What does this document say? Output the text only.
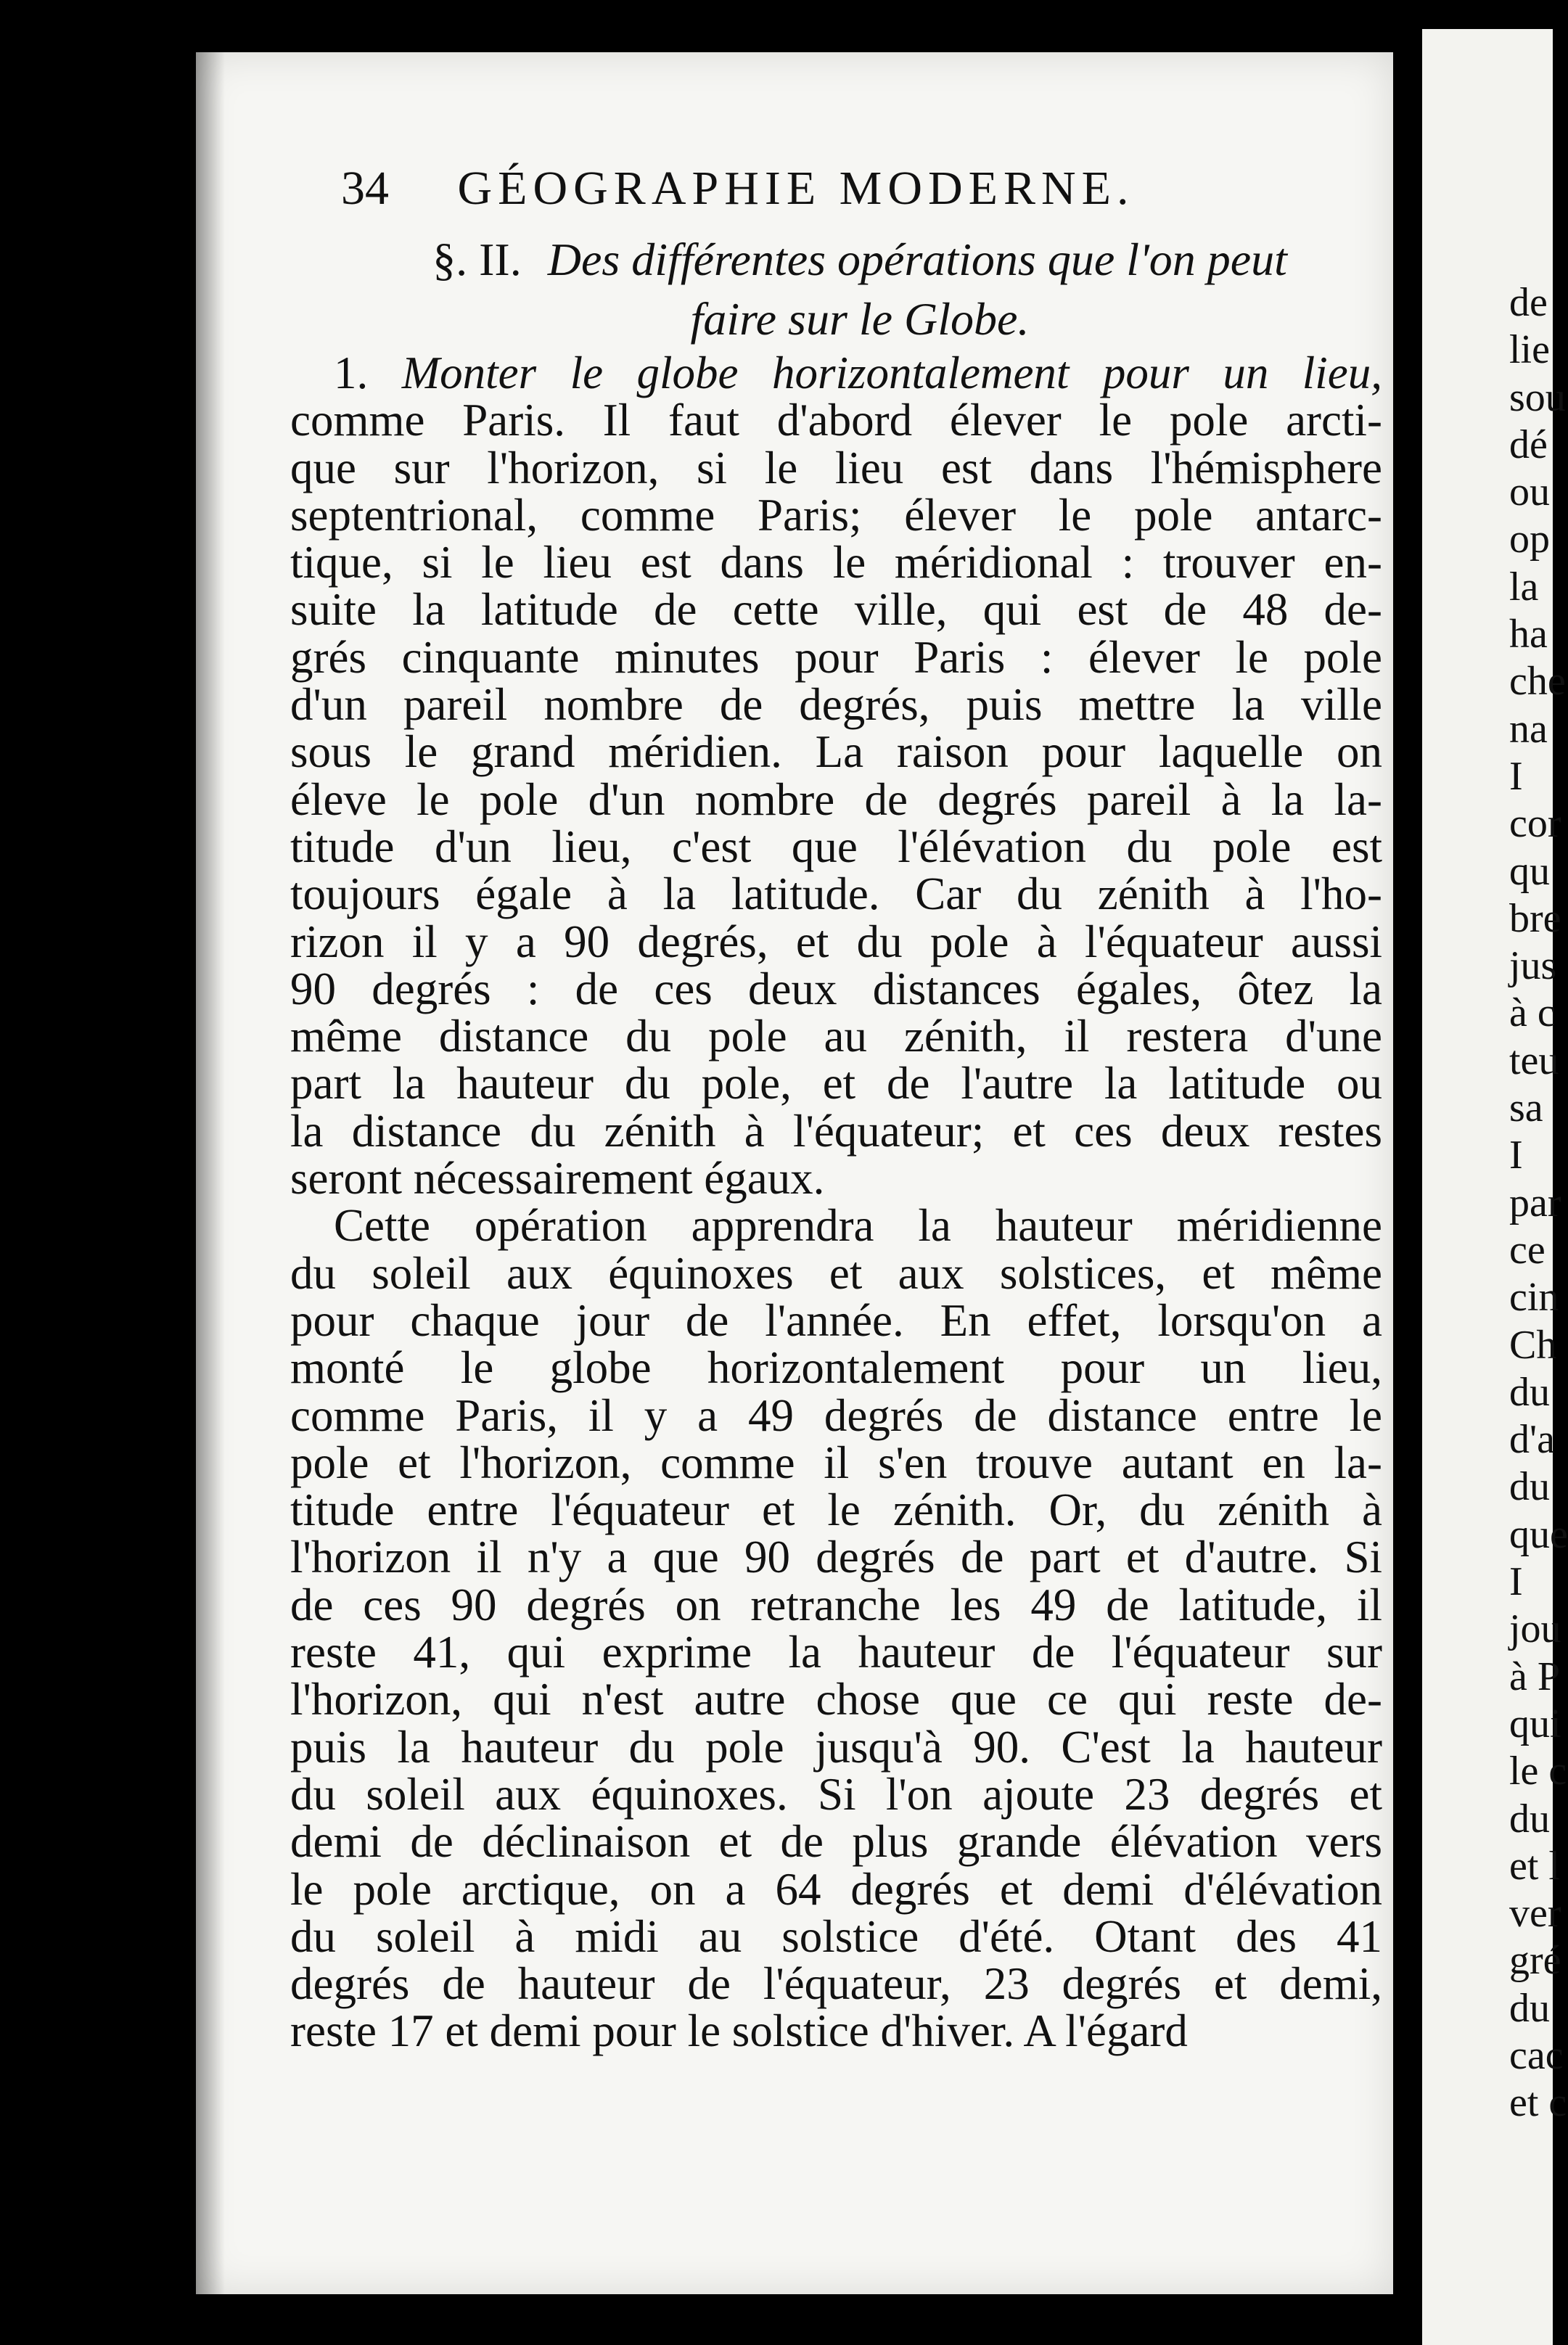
34 GÉOGRAPHIE MODERNE.
§. II. Des différentes opérations que l'on peut
faire sur le Globe.
1. Monter le globe horizontalement pour un lieu,
comme Paris. Il faut d'abord élever le pole arcti-
que sur l'horizon, si le lieu est dans l'hémisphere
septentrional, comme Paris; élever le pole antarc-
tique, si le lieu est dans le méridional : trouver en-
suite la latitude de cette ville, qui est de 48 de-
grés cinquante minutes pour Paris : élever le pole
d'un pareil nombre de degrés, puis mettre la ville
sous le grand méridien. La raison pour laquelle on
éleve le pole d'un nombre de degrés pareil à la la-
titude d'un lieu, c'est que l'élévation du pole est
toujours égale à la latitude. Car du zénith à l'ho-
rizon il y a 90 degrés, et du pole à l'équateur aussi
90 degrés : de ces deux distances égales, ôtez la
même distance du pole au zénith, il restera d'une
part la hauteur du pole, et de l'autre la latitude ou
la distance du zénith à l'équateur; et ces deux restes
seront nécessairement égaux.
Cette opération apprendra la hauteur méridienne
du soleil aux équinoxes et aux solstices, et même
pour chaque jour de l'année. En effet, lorsqu'on a
monté le globe horizontalement pour un lieu,
comme Paris, il y a 49 degrés de distance entre le
pole et l'horizon, comme il s'en trouve autant en la-
titude entre l'équateur et le zénith. Or, du zénith à
l'horizon il n'y a que 90 degrés de part et d'autre. Si
de ces 90 degrés on retranche les 49 de latitude, il
reste 41, qui exprime la hauteur de l'équateur sur
l'horizon, qui n'est autre chose que ce qui reste de-
puis la hauteur du pole jusqu'à 90. C'est la hauteur
du soleil aux équinoxes. Si l'on ajoute 23 degrés et
demi de déclinaison et de plus grande élévation vers
le pole arctique, on a 64 degrés et demi d'élévation
du soleil à midi au solstice d'été. Otant des 41
degrés de hauteur de l'équateur, 23 degrés et demi,
reste 17 et demi pour le solstice d'hiver. A l'égard
de
lie
sou
dé
ou
op
la
ha
che
na
I
cor
qu
bre
jus
à c
teu
sa
I
par
ce
cin
Ch
du
d'a
du
que
I
jou
à P
qui
le c
du
et l
ver
gré
du
cac
et c
